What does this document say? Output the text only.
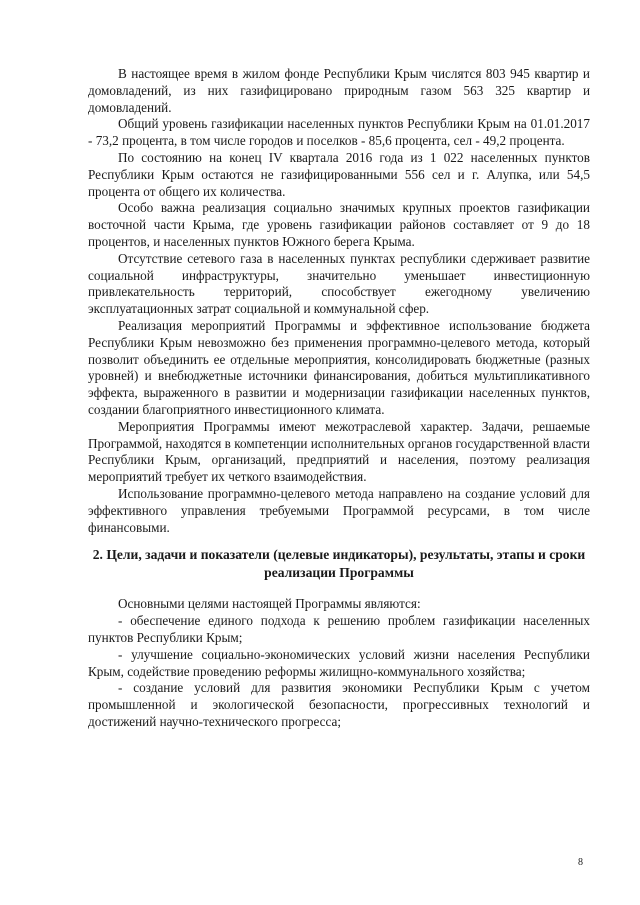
В настоящее время в жилом фонде Республики Крым числятся 803 945 квартир и домовладений, из них газифицировано природным газом 563 325 квартир и домовладений.

Общий уровень газификации населенных пунктов Республики Крым на 01.01.2017 - 73,2 процента, в том числе городов и поселков - 85,6 процента, сел - 49,2 процента.

По состоянию на конец IV квартала 2016 года из 1 022 населенных пунктов Республики Крым остаются не газифицированными 556 сел и г. Алупка, или 54,5 процента от общего их количества.

Особо важна реализация социально значимых крупных проектов газификации восточной части Крыма, где уровень газификации районов составляет от 9 до 18 процентов, и населенных пунктов Южного берега Крыма.

Отсутствие сетевого газа в населенных пунктах республики сдерживает развитие социальной инфраструктуры, значительно уменьшает инвестиционную привлекательность территорий, способствует ежегодному увеличению эксплуатационных затрат социальной и коммунальной сфер.

Реализация мероприятий Программы и эффективное использование бюджета Республики Крым невозможно без применения программно-целевого метода, который позволит объединить ее отдельные мероприятия, консолидировать бюджетные (разных уровней) и внебюджетные источники финансирования, добиться мультипликативного эффекта, выраженного в развитии и модернизации газификации населенных пунктов, создании благоприятного инвестиционного климата.

Мероприятия Программы имеют межотраслевой характер. Задачи, решаемые Программой, находятся в компетенции исполнительных органов государственной власти Республики Крым, организаций, предприятий и населения, поэтому реализация мероприятий требует их четкого взаимодействия.

Использование программно-целевого метода направлено на создание условий для эффективного управления требуемыми Программой ресурсами, в том числе финансовыми.

2. Цели, задачи и показатели (целевые индикаторы), результаты, этапы и сроки реализации Программы

Основными целями настоящей Программы являются:

- обеспечение единого подхода к решению проблем газификации населенных пунктов Республики Крым;

- улучшение социально-экономических условий жизни населения Республики Крым, содействие проведению реформы жилищно-коммунального хозяйства;

- создание условий для развития экономики Республики Крым с учетом промышленной и экологической безопасности, прогрессивных технологий и достижений научно-технического прогресса;

8
